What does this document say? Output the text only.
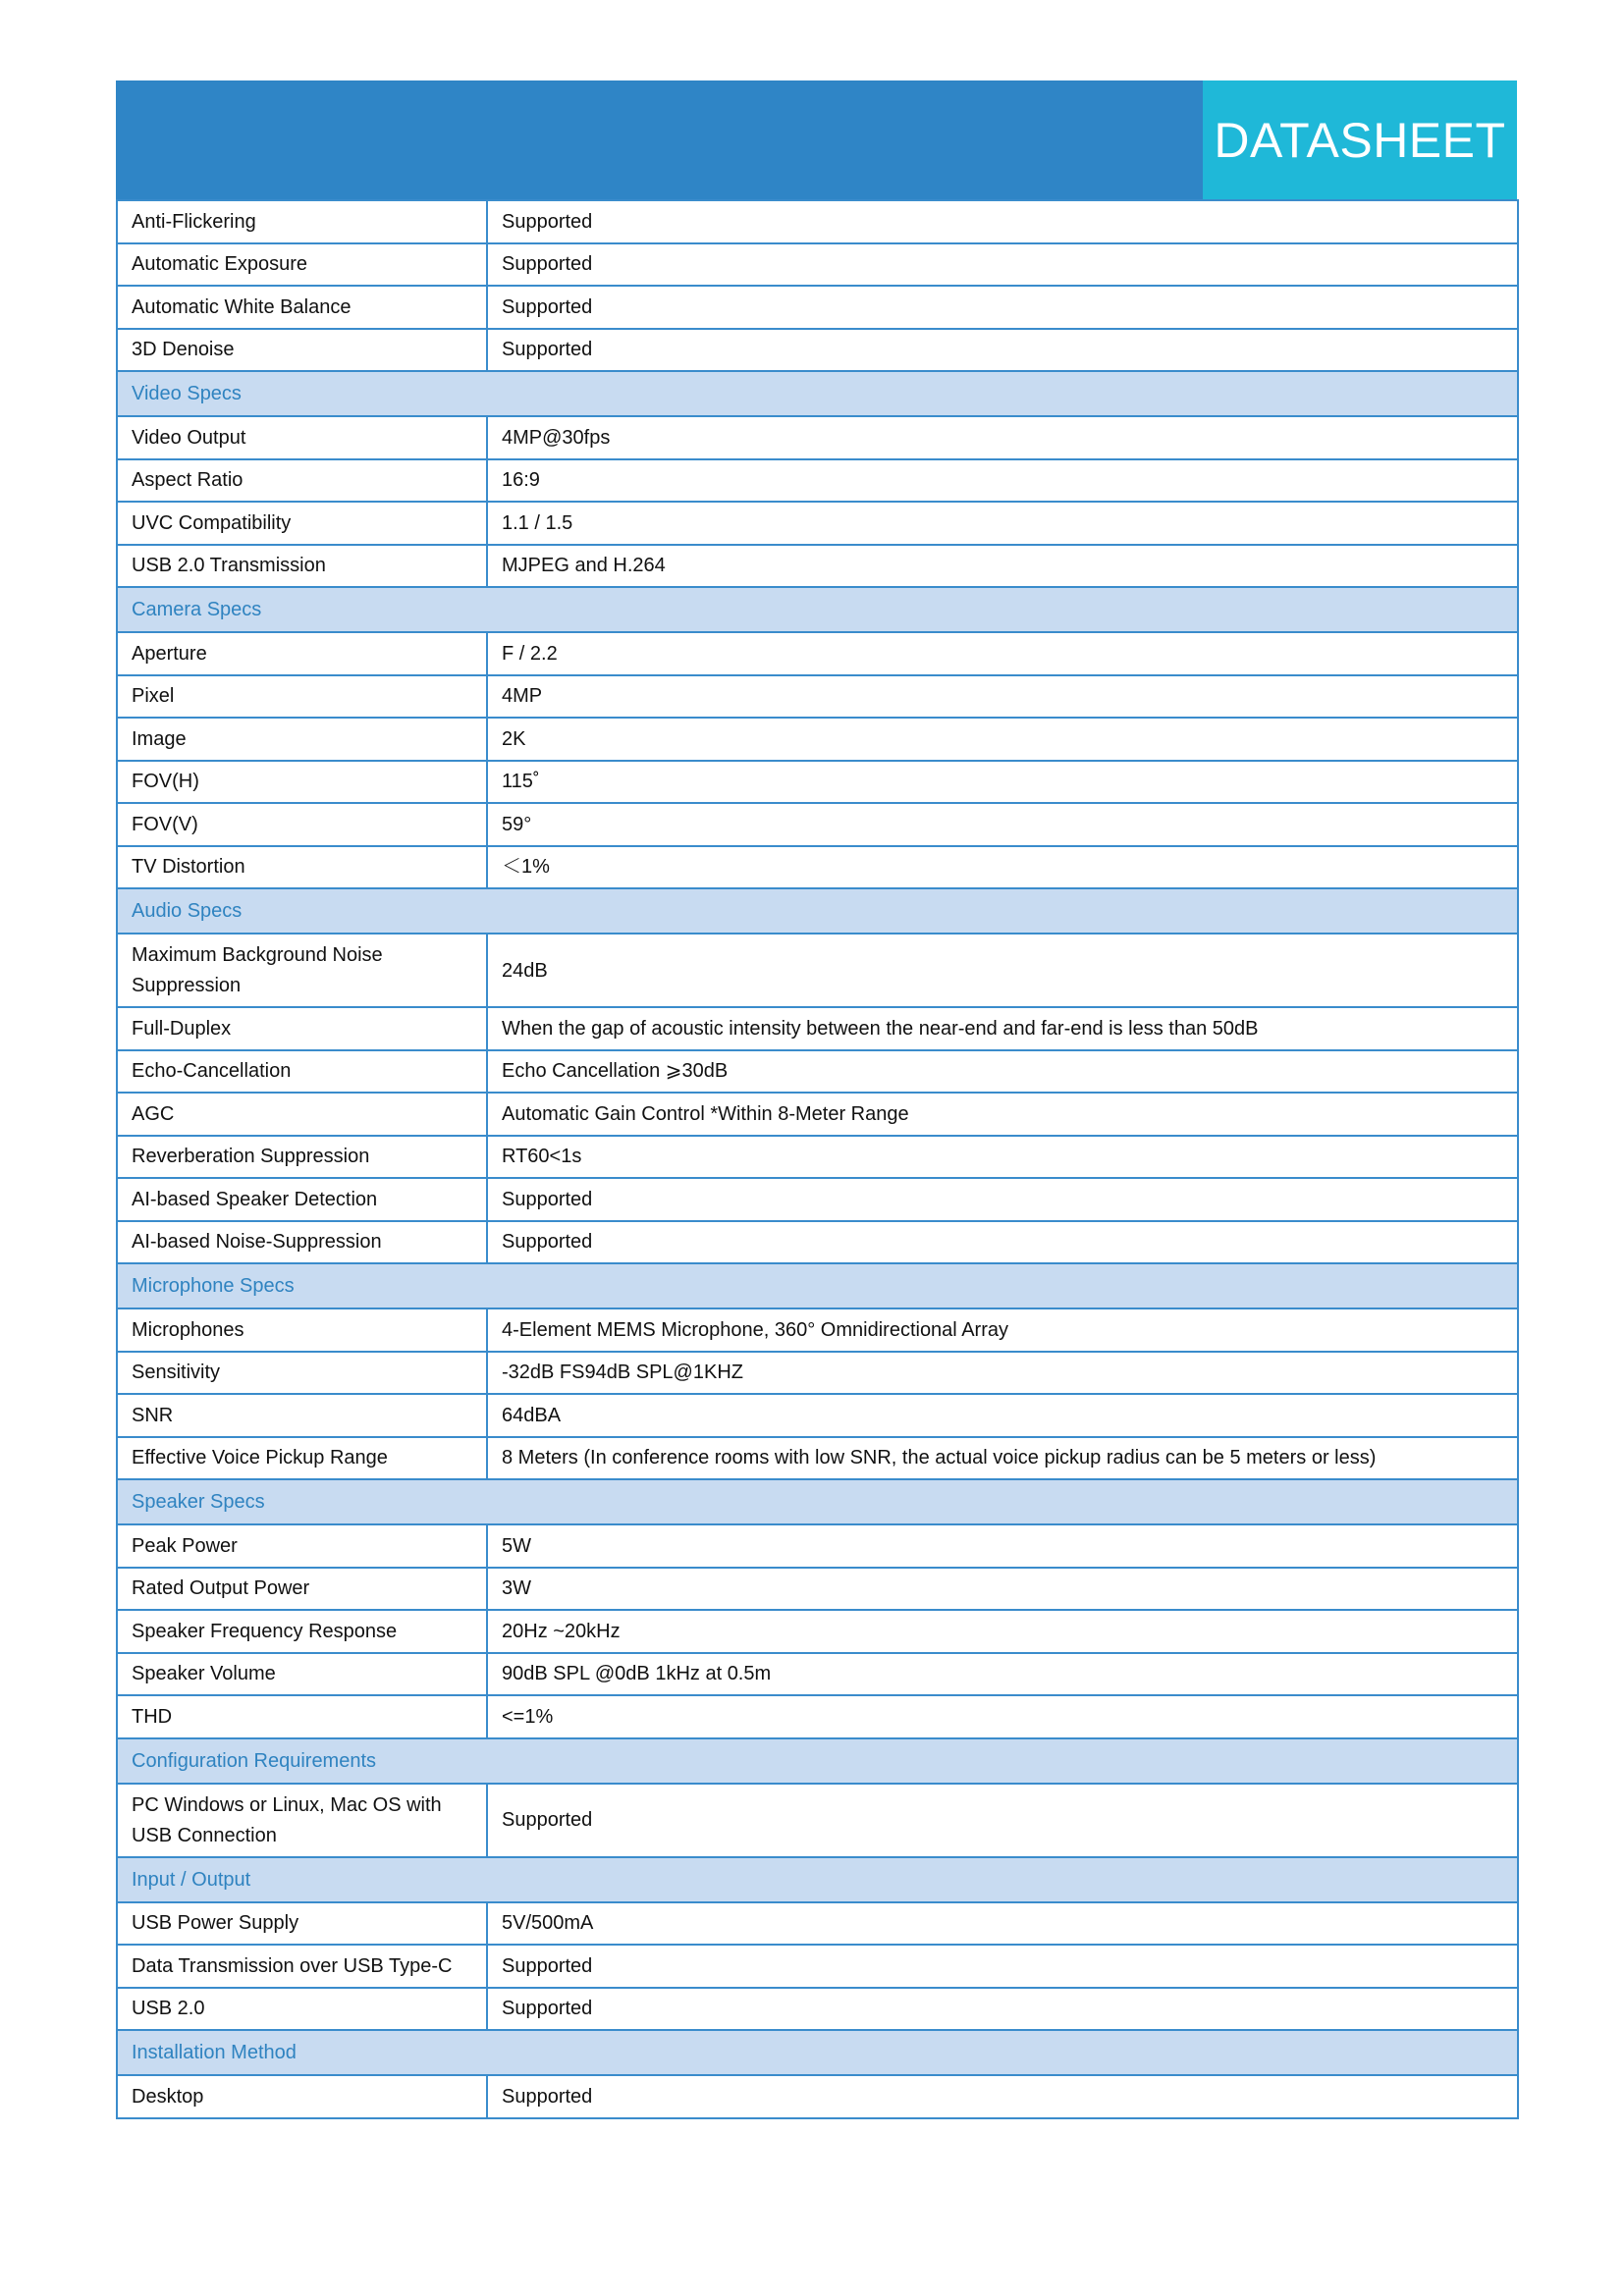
DATASHEET
Anti-Flickering	Supported
Automatic Exposure	Supported
Automatic White Balance	Supported
3D Denoise	Supported
Video Specs	
Video Output	4MP@30fps
Aspect Ratio	16:9
UVC Compatibility	1.1 / 1.5
USB 2.0 Transmission	MJPEG and H.264
Camera Specs	
Aperture	F / 2.2
Pixel	4MP
Image	2K
FOV(H)	115˚
FOV(V)	59°
TV Distortion	＜1%
Audio Specs	
Maximum Background Noise Suppression	24dB
Full-Duplex	When the gap of acoustic intensity between the near-end and far-end is less than 50dB
Echo-Cancellation	Echo Cancellation ⩾30dB
AGC	Automatic Gain Control *Within 8-Meter Range
Reverberation Suppression	RT60<1s
AI-based Speaker Detection	Supported
AI-based Noise-Suppression	Supported
Microphone Specs	
Microphones	4-Element MEMS Microphone, 360° Omnidirectional Array
Sensitivity	-32dB FS94dB SPL@1KHZ
SNR	64dBA
Effective Voice Pickup Range	8 Meters (In conference rooms with low SNR, the actual voice pickup radius can be 5 meters or less)
Speaker Specs	
Peak Power	5W
Rated Output Power	3W
Speaker Frequency Response	20Hz ~20kHz
Speaker Volume	90dB SPL @0dB 1kHz at 0.5m
THD	<=1%
Configuration Requirements	
PC Windows or Linux, Mac OS with USB Connection	Supported
Input / Output	
USB Power Supply	5V/500mA
Data Transmission over USB Type-C	Supported
USB 2.0	Supported
Installation Method	
Desktop	Supported
